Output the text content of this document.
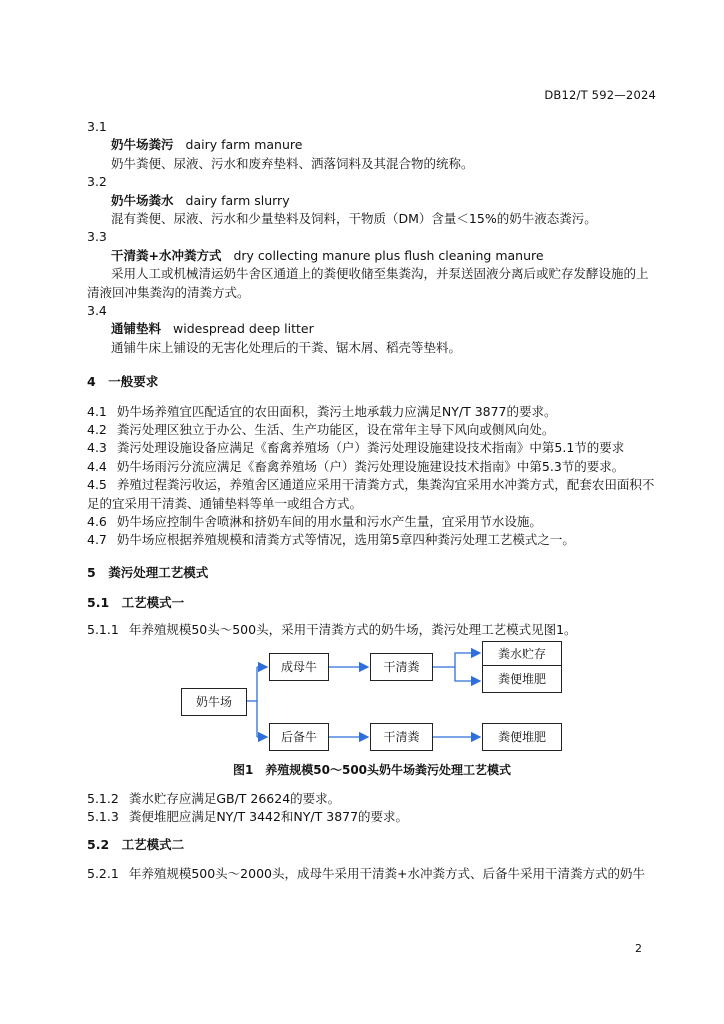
DB12/T 592—2024
3.1
奶牛场粪污 dairy farm manure
奶牛粪便、尿液、污水和废弃垫料、洒落饲料及其混合物的统称。
3.2
奶牛场粪水 dairy farm slurry
混有粪便、尿液、污水和少量垫料及饲料，干物质（DM）含量＜15%的奶牛液态粪污。
3.3
干清粪+水冲粪方式 dry collecting manure plus flush cleaning manure
采用人工或机械清运奶牛舍区通道上的粪便收储至集粪沟，并泵送固液分离后或贮存发酵设施的上清液回冲集粪沟的清粪方式。
3.4
通铺垫料 widespread deep litter
通铺牛床上铺设的无害化处理后的干粪、锯木屑、稻壳等垫料。
4　一般要求
4.1 奶牛场养殖宜匹配适宜的农田面积，粪污土地承载力应满足NY/T 3877的要求。
4.2 粪污处理区独立于办公、生活、生产功能区，设在常年主导下风向或侧风向处。
4.3 粪污处理设施设备应满足《畜禽养殖场（户）粪污处理设施建设技术指南》中第5.1节的要求
4.4 奶牛场雨污分流应满足《畜禽养殖场（户）粪污处理设施建设技术指南》中第5.3节的要求。
4.5 养殖过程粪污收运，养殖舍区通道应采用干清粪方式，集粪沟宜采用水冲粪方式，配套农田面积不足的宜采用干清粪、通铺垫料等单一或组合方式。
4.6 奶牛场应控制牛舍喷淋和挤奶车间的用水量和污水产生量，宜采用节水设施。
4.7 奶牛场应根据养殖规模和清粪方式等情况，选用第5章四种粪污处理工艺模式之一。
5　粪污处理工艺模式
5.1　工艺模式一
5.1.1 年养殖规模50头～500头，采用干清粪方式的奶牛场，粪污处理工艺模式见图1。
奶牛场
成母牛
后备牛
干清粪
干清粪
粪水贮存
粪便堆肥
粪便堆肥
图1　养殖规模50～500头奶牛场粪污处理工艺模式
5.1.2 粪水贮存应满足GB/T 26624的要求。
5.1.3 粪便堆肥应满足NY/T 3442和NY/T 3877的要求。
5.2　工艺模式二
5.2.1 年养殖规模500头～2000头，成母牛采用干清粪+水冲粪方式、后备牛采用干清粪方式的奶牛
2
